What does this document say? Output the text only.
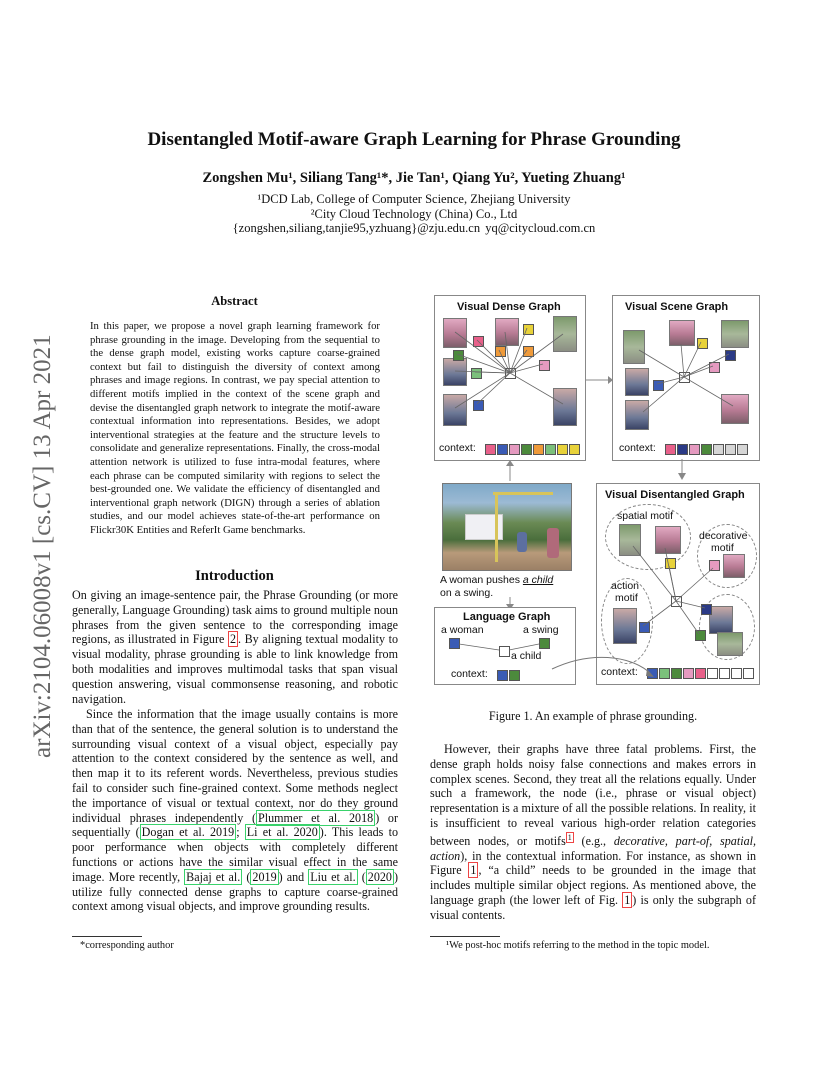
arXiv:2104.06008v1 [cs.CV] 13 Apr 2021
Disentangled Motif-aware Graph Learning for Phrase Grounding
Zongshen Mu¹, Siliang Tang¹*, Jie Tan¹, Qiang Yu², Yueting Zhuang¹
¹DCD Lab, College of Computer Science, Zhejiang University
²City Cloud Technology (China) Co., Ltd
{zongshen,siliang,tanjie95,yzhuang}@zju.edu.cn yq@citycloud.com.cn
Abstract
In this paper, we propose a novel graph learning framework for phrase grounding in the image. Developing from the sequential to the dense graph model, existing works capture coarse-grained context but fail to distinguish the diversity of context among phrases and image regions. In contrast, we pay special attention to different motifs implied in the context of the scene graph and devise the disentangled graph network to integrate the motif-aware contextual information into representations. Besides, we adopt interventional strategies at the feature and the structure levels to consolidate and generalize representations. Finally, the cross-modal attention network is utilized to fuse intra-modal features, where each phrase can be computed similarity with regions to select the best-grounded one. We validate the efficiency of disentangled and interventional graph network (DIGN) through a series of ablation studies, and our model achieves state-of-the-art performance on Flickr30K Entities and ReferIt Game benchmarks.
Introduction
On giving an image-sentence pair, the Phrase Grounding (or more generally, Language Grounding) task aims to ground multiple noun phrases from the given sentence to the corresponding image regions, as illustrated in Figure 2 . By aligning textual modality to visual modality, phrase grounding is able to link knowledge from both modalities and improves multimodal tasks that span visual question answering, visual commonsense reasoning, and robotic navigation.
Since the information that the image usually contains is more than that of the sentence, the general solution is to understand the surrounding visual context of a visual object, especially pay attention to the context considered by the sentence as well, and then map it to its referent words. Nevertheless, previous studies fail to consider such fine-grained context. Some methods neglect the importance of visual or textual context, nor do they ground individual phrases independently ( Plummer et al. 2018 ) or sequentially ( Dogan et al. 2019 ; Li et al. 2020 ). This leads to poor performance when objects with completely different functions or actions have the similar visual effect in the same image. More recently, Bajaj et al. ( 2019 ) and Liu et al. ( 2020 ) utilize fully connected dense graphs to capture coarse-grained context among visual objects, and improve grounding results.
*corresponding author
Visual Dense Graph
context:
Visual Scene Graph
context:
A woman pushes a child
on a swing.
Language Graph
a woman	a swing
a child
context:
Visual Disentangled Graph
spatial motif
decorative
motif
action
motif
context:
Figure 1. An example of phrase grounding.
However, their graphs have three fatal problems. First, the dense graph holds noisy false connections and makes errors in complex scenes. Second, they treat all the relations equally. Under such a framework, the node (i.e., phrase or visual object) representation is a mixture of all the possible relations. In reality, it is insufficient to reveal various high-order relation categories between nodes, or motifs $^1$ (e.g., decorative, part-of, spatial, action), in the contextual information. For instance, as shown in Figure 1 , “a child” needs to be grounded in the image that includes multiple similar object regions. As mentioned above, the language graph (the lower left of Fig. 1 ) is only the subgraph of visual contents.
¹We post-hoc motifs referring to the method in the topic model.
